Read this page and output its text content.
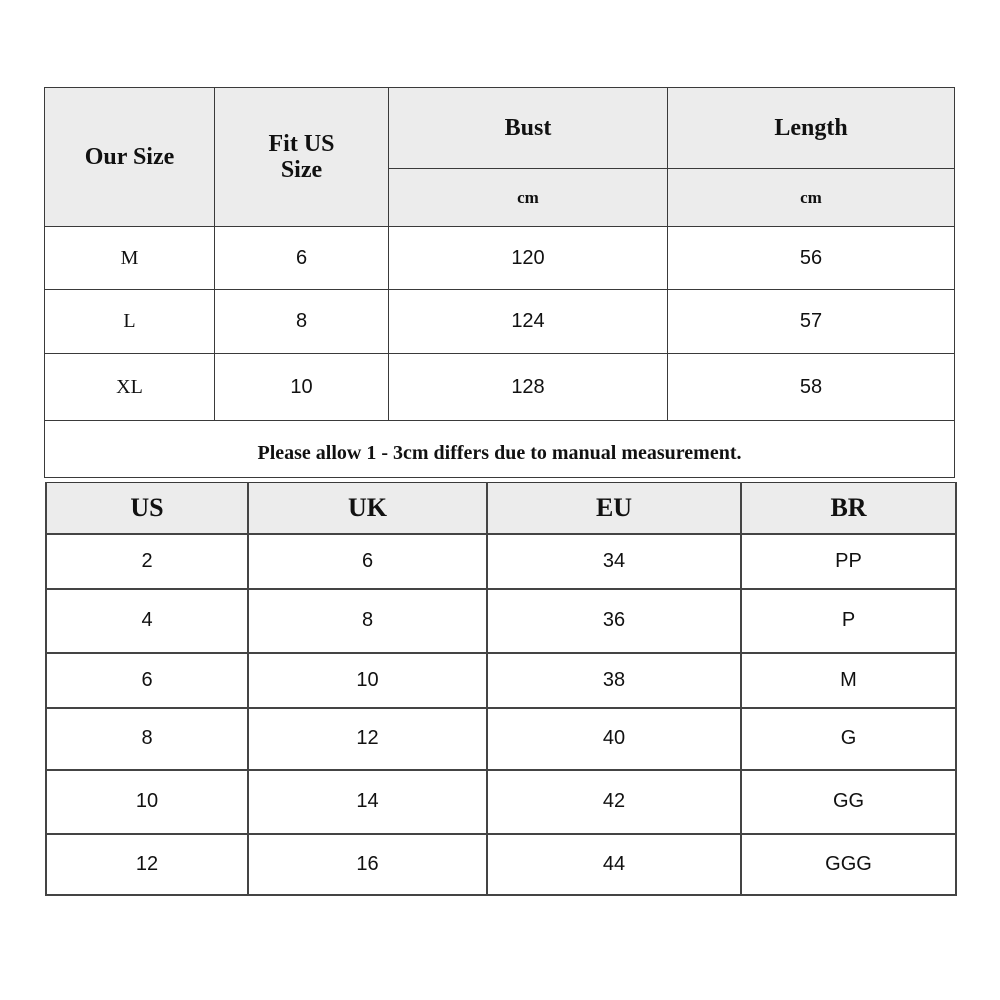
Our Size	Fit US Size	Bust	Length
		cm	cm
M	6	120	56
L	8	124	57
XL	10	128	58
Please allow 1 - 3cm differs due to manual measurement.			
US	UK	EU	BR
2	6	34	PP
4	8	36	P
6	10	38	M
8	12	40	G
10	14	42	GG
12	16	44	GGG
